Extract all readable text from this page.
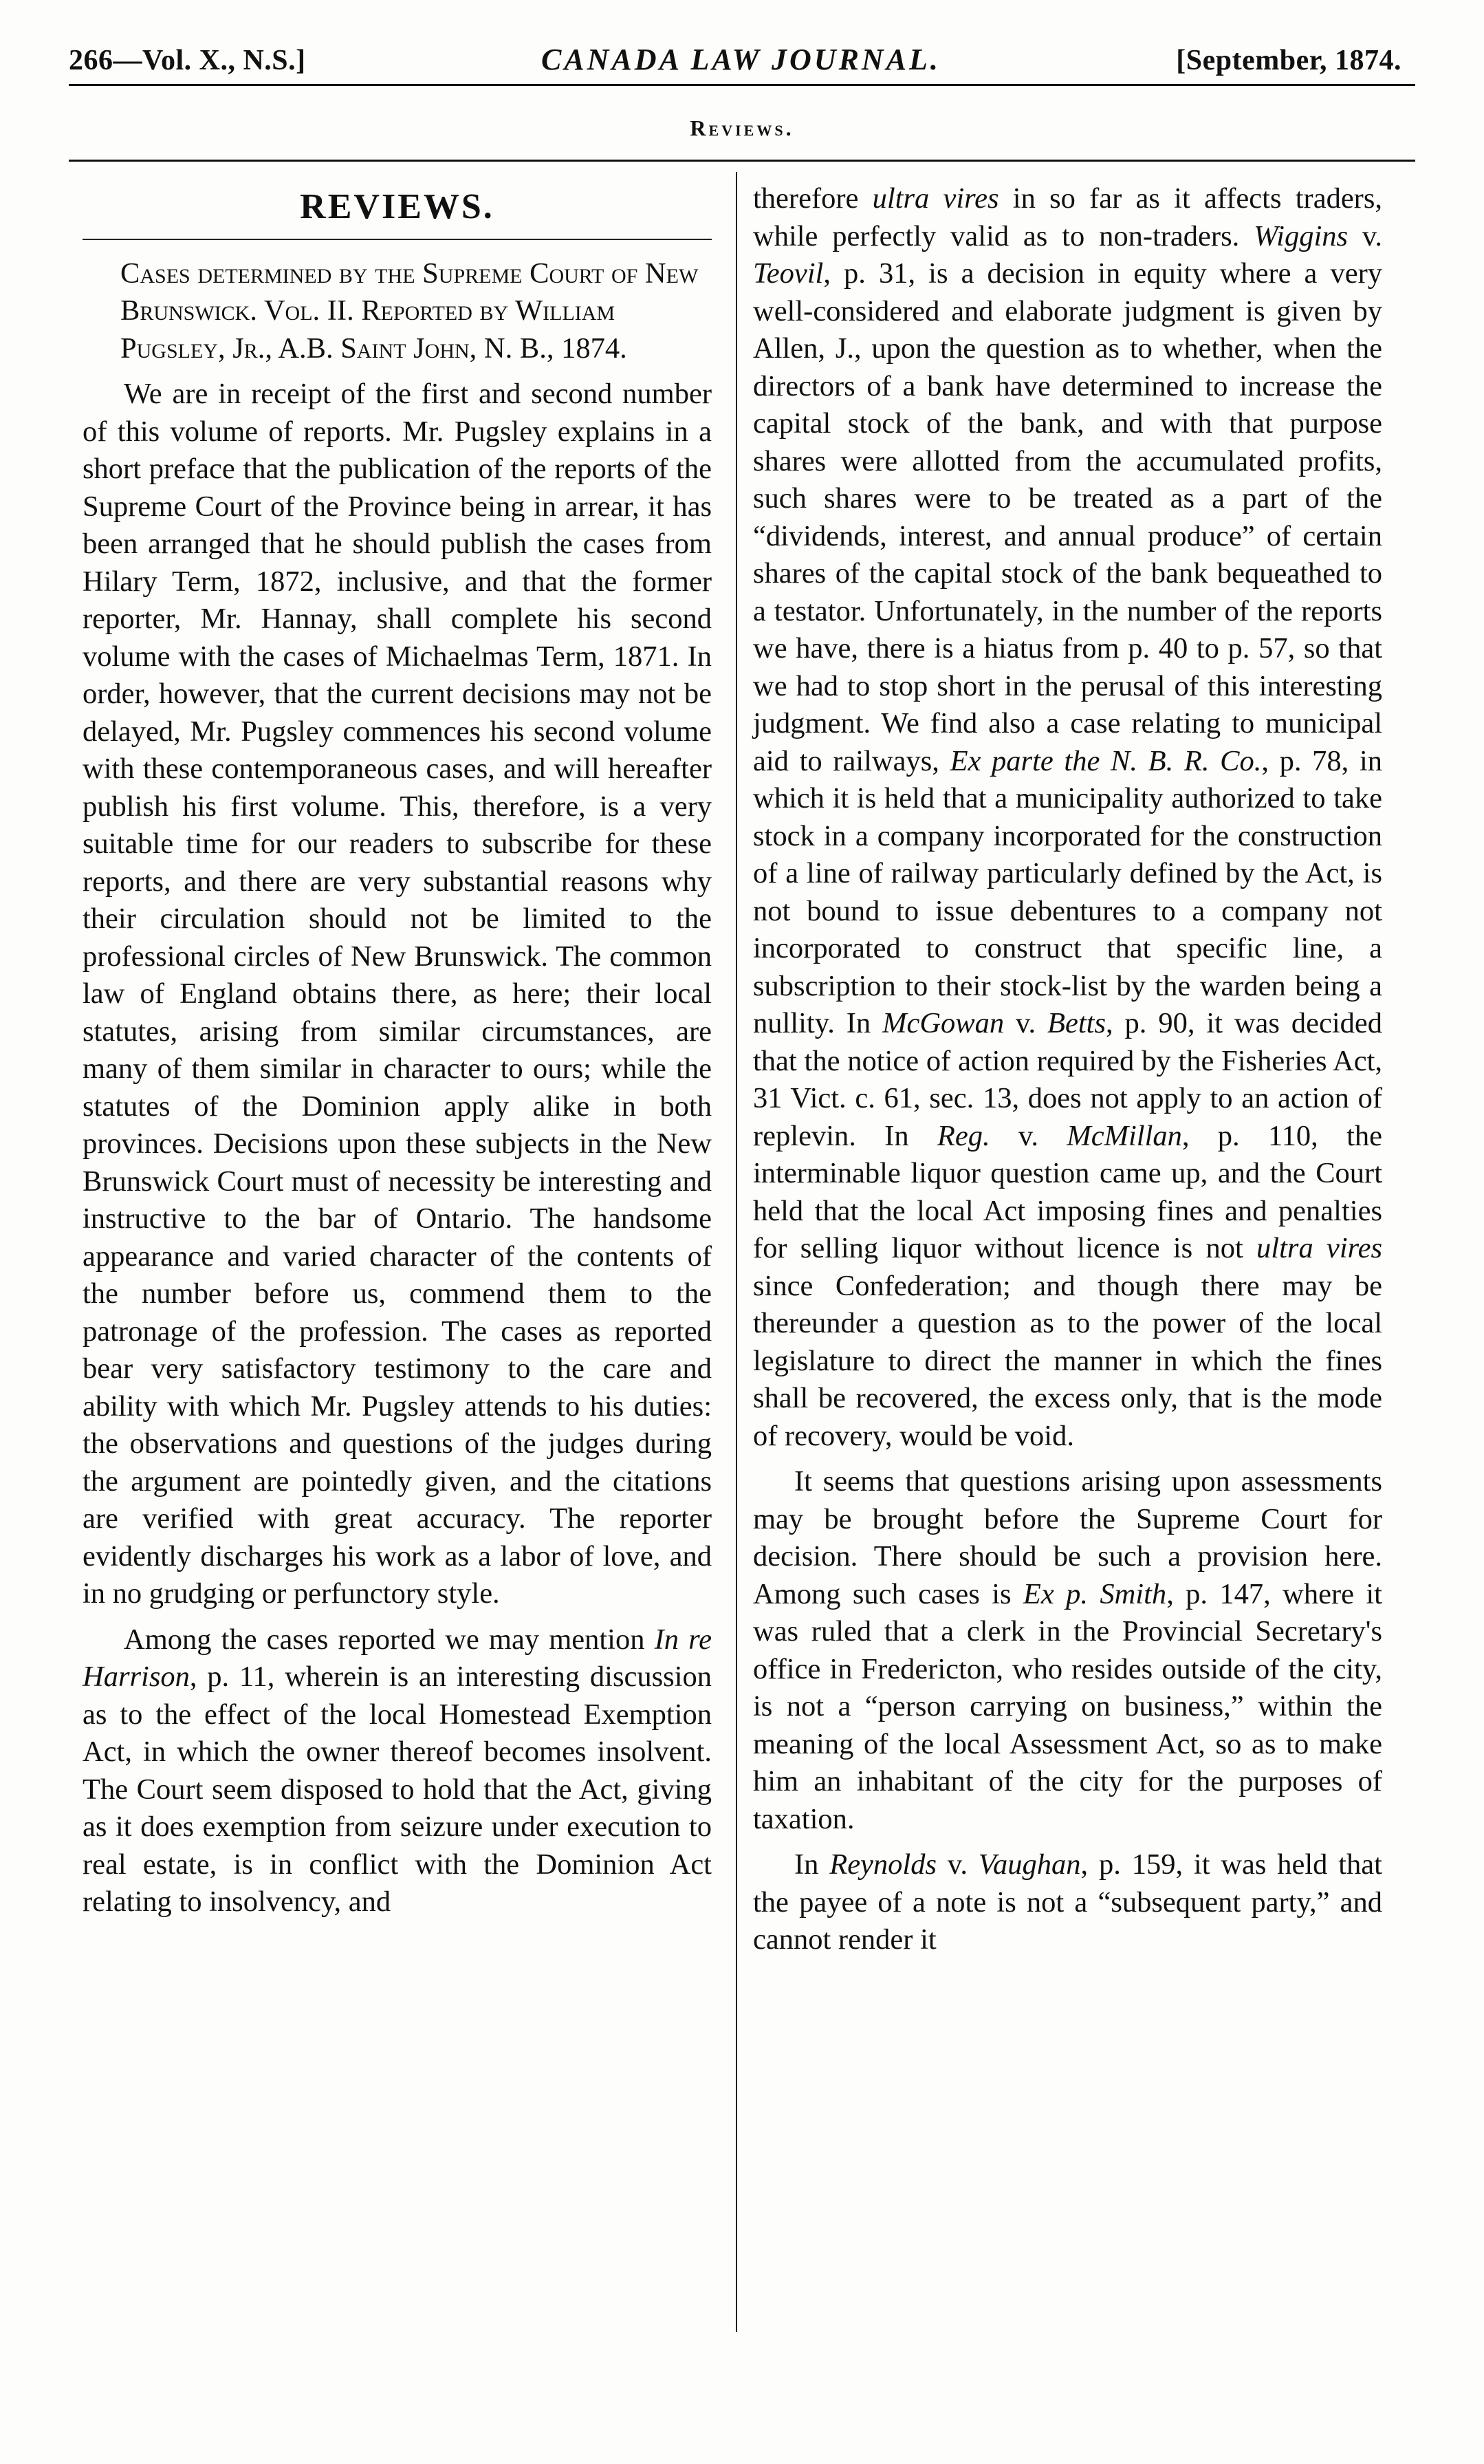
266—Vol. X., N.S.]	CANADA LAW JOURNAL.	[September, 1874.
Reviews.
REVIEWS.

Cases determined by the Supreme Court of New Brunswick. Vol. II. Reported by William Pugsley, Jr., A.B. Saint John, N. B., 1874.

We are in receipt of the first and second number of this volume of reports. Mr. Pugsley explains in a short preface that the publication of the reports of the Supreme Court of the Province being in arrear, it has been arranged that he should publish the cases from Hilary Term, 1872, inclusive, and that the former reporter, Mr. Hannay, shall complete his second volume with the cases of Michaelmas Term, 1871. In order, however, that the current decisions may not be delayed, Mr. Pugsley commences his second volume with these contemporaneous cases, and will hereafter publish his first volume. This, therefore, is a very suitable time for our readers to subscribe for these reports, and there are very substantial reasons why their circulation should not be limited to the professional circles of New Brunswick. The common law of England obtains there, as here; their local statutes, arising from similar circumstances, are many of them similar in character to ours; while the statutes of the Dominion apply alike in both provinces. Decisions upon these subjects in the New Brunswick Court must of necessity be interesting and instructive to the bar of Ontario. The handsome appearance and varied character of the contents of the number before us, commend them to the patronage of the profession. The cases as reported bear very satisfactory testimony to the care and ability with which Mr. Pugsley attends to his duties: the observations and questions of the judges during the argument are pointedly given, and the citations are verified with great accuracy. The reporter evidently discharges his work as a labor of love, and in no grudging or perfunctory style.

Among the cases reported we may mention In re Harrison, p. 11, wherein is an interesting discussion as to the effect of the local Homestead Exemption Act, in which the owner thereof becomes insolvent. The Court seem disposed to hold that the Act, giving as it does exemption from seizure under execution to real estate, is in conflict with the Dominion Act relating to insolvency, and

therefore ultra vires in so far as it affects traders, while perfectly valid as to non-traders. Wiggins v. Teovil, p. 31, is a decision in equity where a very well-considered and elaborate judgment is given by Allen, J., upon the question as to whether, when the directors of a bank have determined to increase the capital stock of the bank, and with that purpose shares were allotted from the accumulated profits, such shares were to be treated as a part of the “dividends, interest, and annual produce” of certain shares of the capital stock of the bank bequeathed to a testator. Unfortunately, in the number of the reports we have, there is a hiatus from p. 40 to p. 57, so that we had to stop short in the perusal of this interesting judgment. We find also a case relating to municipal aid to railways, Ex parte the N. B. R. Co., p. 78, in which it is held that a municipality authorized to take stock in a company incorporated for the construction of a line of railway particularly defined by the Act, is not bound to issue debentures to a company not incorporated to construct that specific line, a subscription to their stock-list by the warden being a nullity. In McGowan v. Betts, p. 90, it was decided that the notice of action required by the Fisheries Act, 31 Vict. c. 61, sec. 13, does not apply to an action of replevin. In Reg. v. McMillan, p. 110, the interminable liquor question came up, and the Court held that the local Act imposing fines and penalties for selling liquor without licence is not ultra vires since Confederation; and though there may be thereunder a question as to the power of the local legislature to direct the manner in which the fines shall be recovered, the excess only, that is the mode of recovery, would be void.

It seems that questions arising upon assessments may be brought before the Supreme Court for decision. There should be such a provision here. Among such cases is Ex p. Smith, p. 147, where it was ruled that a clerk in the Provincial Secretary's office in Fredericton, who resides outside of the city, is not a “person carrying on business,” within the meaning of the local Assessment Act, so as to make him an inhabitant of the city for the purposes of taxation.

In Reynolds v. Vaughan, p. 159, it was held that the payee of a note is not a “subsequent party,” and cannot render it
